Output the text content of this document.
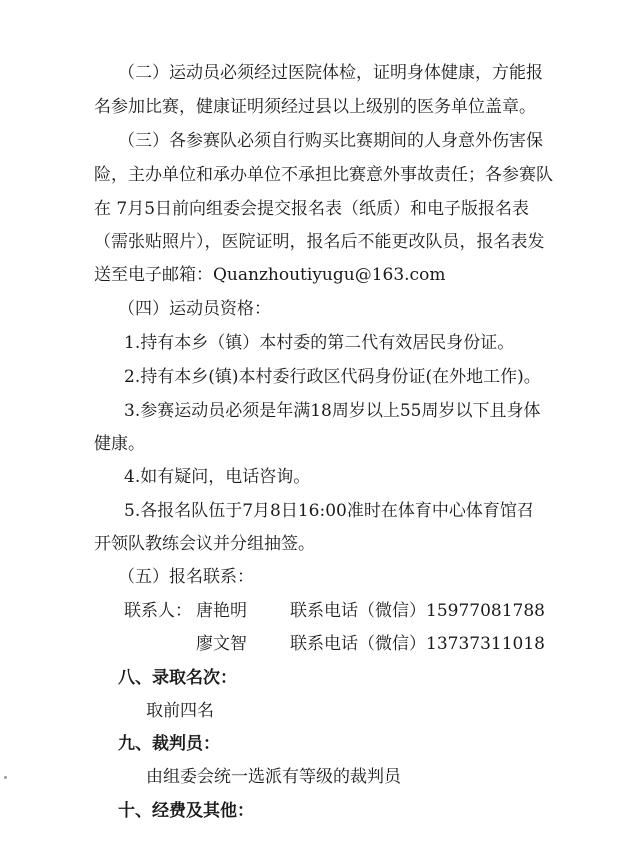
（二）运动员必须经过医院体检，证明身体健康，方能报
名参加比赛，健康证明须经过县以上级别的医务单位盖章。
（三）各参赛队必须自行购买比赛期间的人身意外伤害保
险，主办单位和承办单位不承担比赛意外事故责任；各参赛队
在 7月5日前向组委会提交报名表（纸质）和电子版报名表
（需张贴照片），医院证明，报名后不能更改队员，报名表发
送至电子邮箱：Quanzhoutiyugu@163.com
（四）运动员资格：
1.持有本乡（镇）本村委的第二代有效居民身份证。
2.持有本乡(镇)本村委行政区代码身份证(在外地工作)。
3.参赛运动员必须是年满18周岁以上55周岁以下且身体
健康。
4.如有疑问，电话咨询。
5.各报名队伍于7月8日16:00准时在体育中心体育馆召
开领队教练会议并分组抽签。
（五）报名联系：
联系人： 唐艳明	联系电话（微信）15977081788
廖文智	联系电话（微信）13737311018
八、录取名次：
取前四名
九、裁判员：
由组委会统一选派有等级的裁判员
十、经费及其他：
